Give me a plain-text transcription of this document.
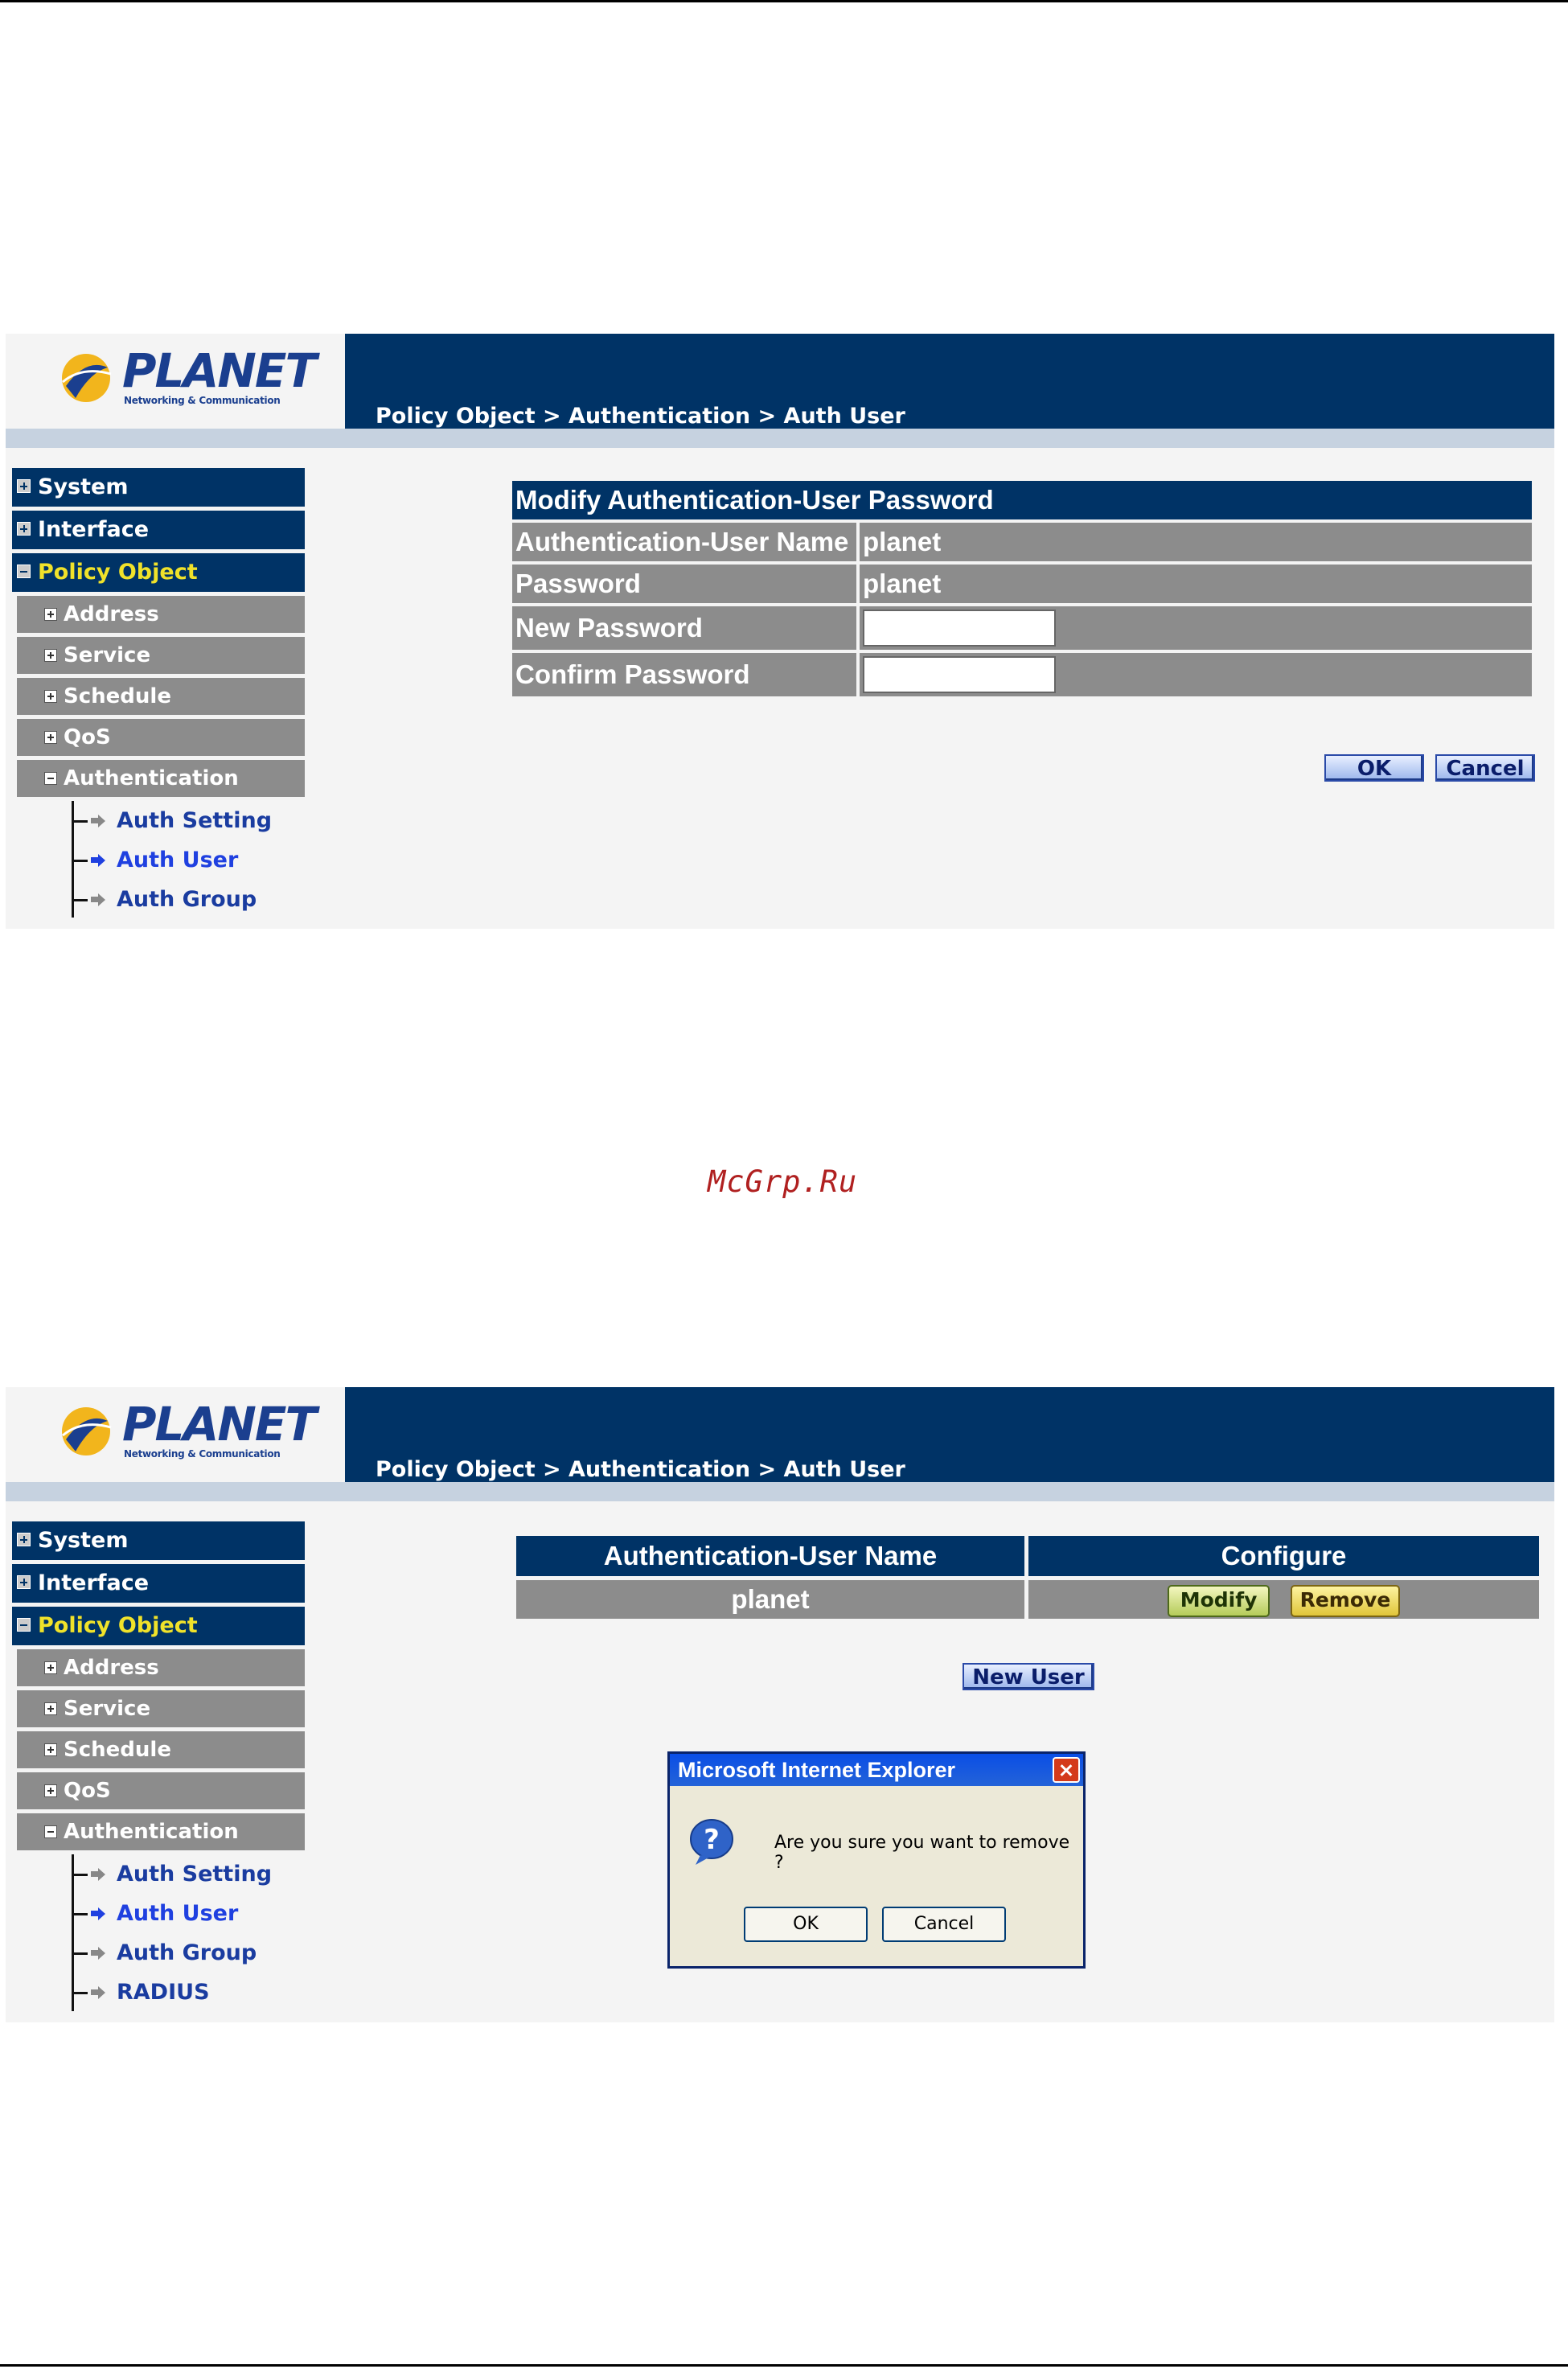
PLANET
Networking & Communication
Policy Object > Authentication > Auth User
System
Interface
Policy Object
Address
Service
Schedule
QoS
Authentication
Auth Setting
Auth User
Auth Group
Modify Authentication-User Password	
Authentication-User Name	planet
Password	planet
New Password	
Confirm Password	
OK	Cancel
McGrp.Ru
PLANET
Networking & Communication
Policy Object > Authentication > Auth User
System
Interface
Policy Object
Address
Service
Schedule
QoS
Authentication
Auth Setting
Auth User
Auth Group
RADIUS
Authentication-User Name	Configure
planet	Modify Remove
New User
Microsoft Internet Explorer
?	Are you sure you want to remove ?
OK	Cancel
